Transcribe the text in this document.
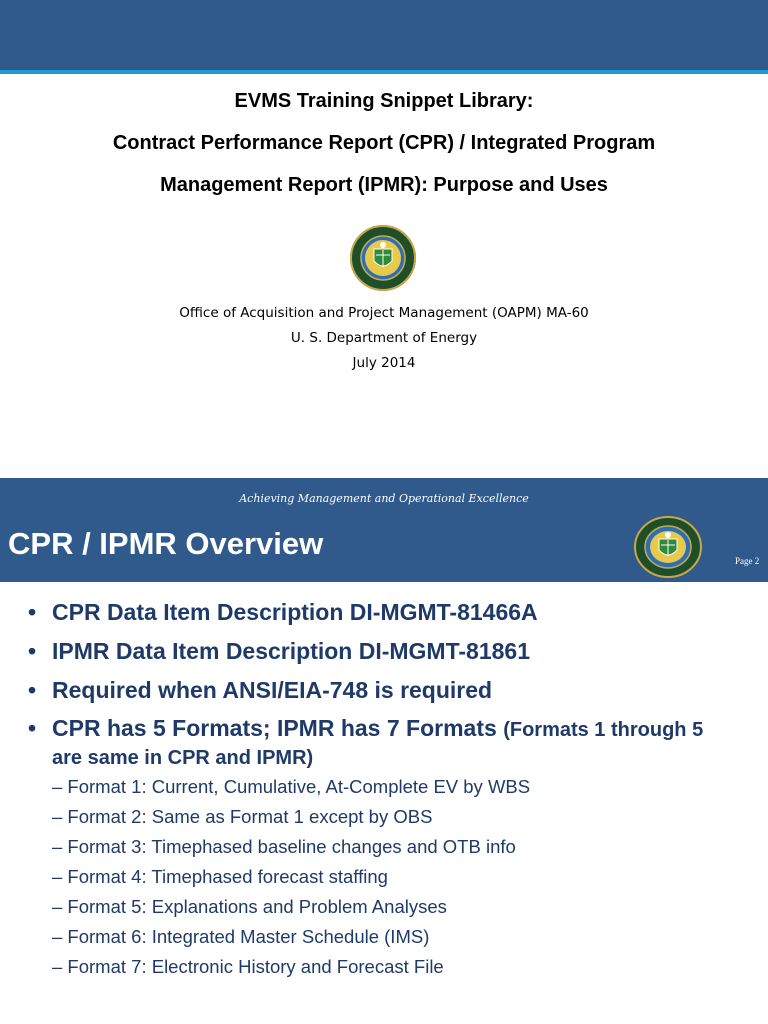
EVMS Training Snippet Library:
Contract Performance Report (CPR) / Integrated Program
Management Report (IPMR): Purpose and Uses
Office of Acquisition and Project Management (OAPM) MA-60
U. S. Department of Energy
July 2014
Achieving Management and Operational Excellence
CPR / IPMR Overview	Page 2
• CPR Data Item Description DI-MGMT-81466A
• IPMR Data Item Description DI-MGMT-81861
• Required when ANSI/EIA-748 is required
• CPR has 5 Formats; IPMR has 7 Formats (Formats 1 through 5 are same in CPR and IPMR)
– Format 1: Current, Cumulative, At-Complete EV by WBS
– Format 2: Same as Format 1 except by OBS
– Format 3: Timephased baseline changes and OTB info
– Format 4: Timephased forecast staffing
– Format 5: Explanations and Problem Analyses
– Format 6: Integrated Master Schedule (IMS)
– Format 7: Electronic History and Forecast File
